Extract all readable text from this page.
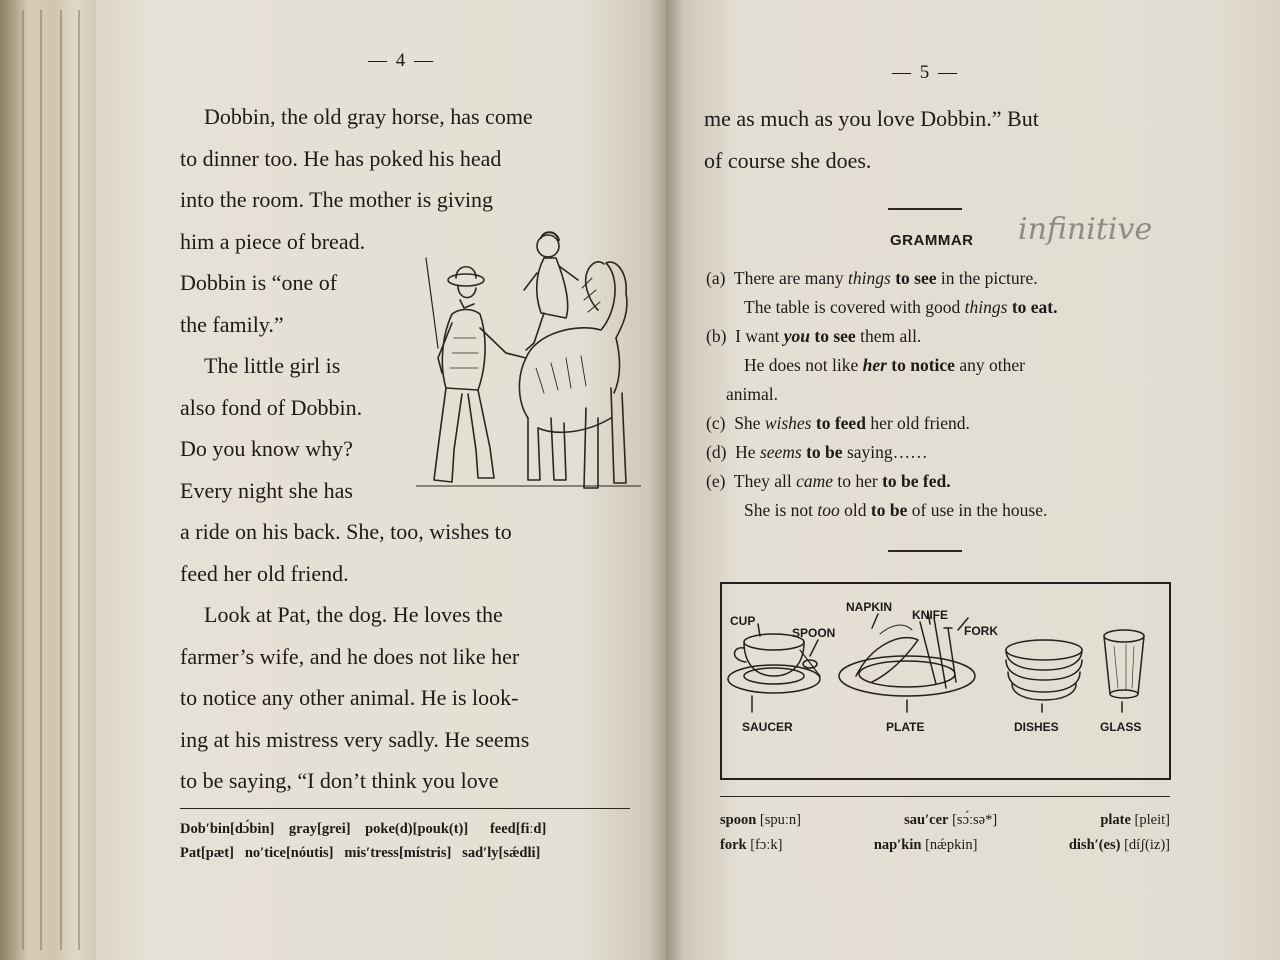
— 4 —
Dobbin, the old gray horse, has come
to dinner too. He has poked his head
into the room. The mother is giving
him a piece of bread.
Dobbin is “one of
the family.”
The little girl is
also fond of Dobbin.
Do you know why?
Every night she has
a ride on his back. She, too, wishes to
feed her old friend.
Look at Pat, the dog. He loves the
farmer’s wife, and he does not like her
to notice any other animal. He is look-
ing at his mistress very sadly. He seems
to be saying, “I don’t think you love
Dob′bin[dɔ́bin] gray[grei] poke(d)[pouk(t)] feed[fiːd]
Pat[pæt] no′tice[nóutis] mis′tress[místris] sad′ly[sǽdli]
— 5 —
me as much as you love Dobbin.” But
of course she does.
GRAMMAR infinitive
(a) There are many things to see in the picture.
The table is covered with good things to eat.
(b) I want you to see them all.
He does not like her to notice any other
animal.
(c) She wishes to feed her old friend.
(d) He seems to be saying……
(e) They all came to her to be fed.
She is not too old to be of use in the house.
CUP
SPOON
NAPKIN
KNIFE
FORK
SAUCER	PLATE	DISHES	GLASS
spoon [spuːn]	sau′cer [sɔ́ːsə*]	plate [pleit]
fork [fɔːk]	nap′kin [nǽpkin]	dish′(es) [díʃ(iz)]
